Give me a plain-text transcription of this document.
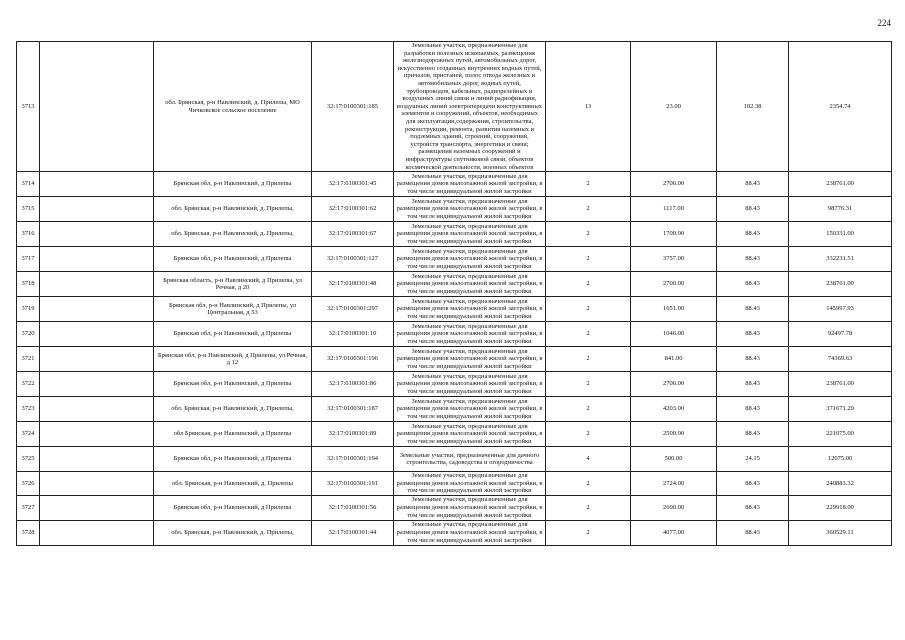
224
3713		обл. Брянская, р-н Навлинский, д. Прилепы, МО Чичковское сельское поселение	32:17:0100301:185	Земельные участки, предназначенные для разработки полезных ископаемых, размещения железнодорожных путей, автомобильных дорог, искусственно созданных внутренних водных путей, причалов, пристаней, полос отвода железных и автомобильных дорог, водных путей, трубопроводов, кабельных, радиорелейных и воздушных линий связи и линий радиофикации, воздушных линий электропередачи конструктивных элементов и сооружений, объектов, необходимых для эксплуатации,содержания, строительства, реконструкции, ремонта, развития наземных и подземных зданий, строений, сооружений, устройств транспорта, энергетики и связи; размещения наземных сооружений и инфраструктуры спутниковой связи, объектов космической деятельности, военных объектов	13	23.00	102.38	2354.74
3714		Брянская обл, р-н Навлинский, д Прилепы	32:17:0100301:45	Земельные участки, предназначенные для размещения домов малоэтажной жилой застройки, в том числе индивидуальной жилой застройки	2	2700.00	88.43	238761.00
3715		обл. Брянская, р-н Навлинский, д. Прилепы,	32:17:0100301:62	Земельные участки, предназначенные для размещения домов малоэтажной жилой застройки, в том числе индивидуальной жилой застройки	2	1117.00	88.43	98776.31
3716		обл. Брянская, р-н Навлинский, д. Прилепы,	32:17:0100301:67	Земельные участки, предназначенные для размещения домов малоэтажной жилой застройки, в том числе индивидуальной жилой застройки	2	1700.00	88.43	150331.00
3717		Брянская обл, р-н Навлинский, д Прилепы	32:17:0100301:127	Земельные участки, предназначенные для размещения домов малоэтажной жилой застройки, в том числе индивидуальной жилой застройки	2	3757.00	88.43	332231.51
3718		Брянская область, р-н Навлинский, д Прилепы, ул Речная, д 20	32:17:0100301:48	Земельные участки, предназначенные для размещения домов малоэтажной жилой застройки, в том числе индивидуальной жилой застройки	2	2700.00	88.43	238761.00
3719		Брянская обл, р-н Навлинский, д Прилепы, ул Центральная, д 53	32:17:0100301:297	Земельные участки, предназначенные для размещения домов малоэтажной жилой застройки, в том числе индивидуальной жилой застройки	2	1651.00	88.43	145997.93
3720		Брянская обл, р-н Навлинский, д Прилепы	32:17:0100301:10	Земельные участки, предназначенные для размещения домов малоэтажной жилой застройки, в том числе индивидуальной жилой застройки	2	1046.00	88.43	92497.78
3721		Брянская обл, р-н Навлинский, д Прилепы, ул Речная, д 12	32:17:0100301:196	Земельные участки, предназначенные для размещения домов малоэтажной жилой застройки, в том числе индивидуальной жилой застройки	2	841.00	88.43	74369.63
3722		Брянская обл, р-н Навлинский, д Прилепы	32:17:0100301:86	Земельные участки, предназначенные для размещения домов малоэтажной жилой застройки, в том числе индивидуальной жилой застройки	2	2700.00	88.43	238761.00
3723		обл. Брянская, р-н Навлинский, д. Прилепы,	32:17:0100301:187	Земельные участки, предназначенные для размещения домов малоэтажной жилой застройки, в том числе индивидуальной жилой застройки	2	4203.00	88.43	371671.29
3724		обл Брянская, р-н Навлинский, д Прилепы	32:17:0100301:89	Земельные участки, предназначенные для размещения домов малоэтажной жилой застройки, в том числе индивидуальной жилой застройки	2	2500.00	88.43	221075.00
3725		Брянская обл, р-н Навлинский, д Прилепы	32:17:0100301:194	Земельные участки, предназначенные для дачного строительства, садоводства и огородничества	4	500.00	24.15	12075.00
3726		обл. Брянская, р-н Навлинский, д. Прилепы	32:17:0100301:191	Земельные участки, предназначенные для размещения домов малоэтажной жилой застройки, в том числе индивидуальной жилой застройки	2	2724.00	88.43	240883.32
3727		Брянская обл, р-н Навлинский, д Прилепы	32:17:0100301:56	Земельные участки, предназначенные для размещения домов малоэтажной жилой застройки, в том числе индивидуальной жилой застройки	2	2600.00	88.43	229918.00
3728		обл. Брянская, р-н Навлинский, д. Прилепы,	32:17:0100301:44	Земельные участки, предназначенные для размещения домов малоэтажной жилой застройки, в том числе индивидуальной жилой застройки	2	4077.00	88.43	360529.11
